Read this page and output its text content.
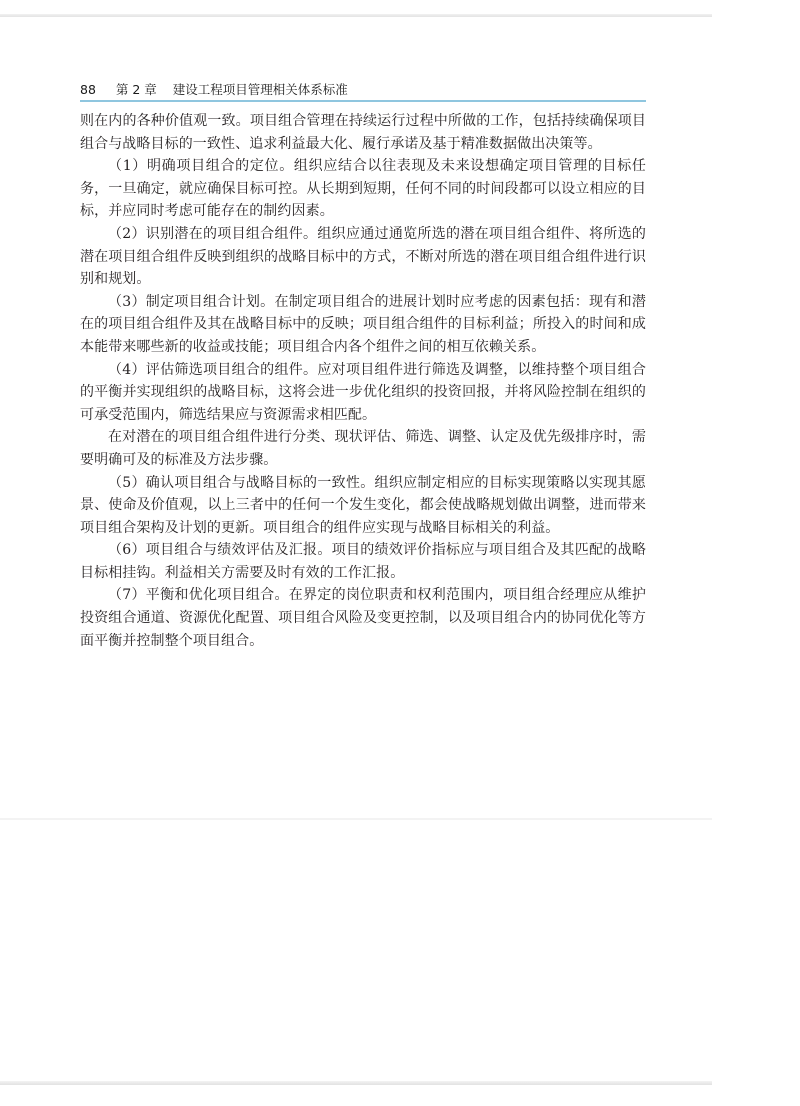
88 第 2 章 建设工程项目管理相关体系标准

则在内的各种价值观一致。项目组合管理在持续运行过程中所做的工作，包括持续确保项目组合与战略目标的一致性、追求利益最大化、履行承诺及基于精准数据做出决策等。

（1）明确项目组合的定位。组织应结合以往表现及未来设想确定项目管理的目标任务，一旦确定，就应确保目标可控。从长期到短期，任何不同的时间段都可以设立相应的目标，并应同时考虑可能存在的制约因素。

（2）识别潜在的项目组合组件。组织应通过通览所选的潜在项目组合组件、将所选的潜在项目组合组件反映到组织的战略目标中的方式，不断对所选的潜在项目组合组件进行识别和规划。

（3）制定项目组合计划。在制定项目组合的进展计划时应考虑的因素包括：现有和潜在的项目组合组件及其在战略目标中的反映；项目组合组件的目标利益；所投入的时间和成本能带来哪些新的收益或技能；项目组合内各个组件之间的相互依赖关系。

（4）评估筛选项目组合的组件。应对项目组件进行筛选及调整，以维持整个项目组合的平衡并实现组织的战略目标，这将会进一步优化组织的投资回报，并将风险控制在组织的可承受范围内，筛选结果应与资源需求相匹配。

在对潜在的项目组合组件进行分类、现状评估、筛选、调整、认定及优先级排序时，需要明确可及的标准及方法步骤。

（5）确认项目组合与战略目标的一致性。组织应制定相应的目标实现策略以实现其愿景、使命及价值观，以上三者中的任何一个发生变化，都会使战略规划做出调整，进而带来项目组合架构及计划的更新。项目组合的组件应实现与战略目标相关的利益。

（6）项目组合与绩效评估及汇报。项目的绩效评价指标应与项目组合及其匹配的战略目标相挂钩。利益相关方需要及时有效的工作汇报。

（7）平衡和优化项目组合。在界定的岗位职责和权利范围内，项目组合经理应从维护投资组合通道、资源优化配置、项目组合风险及变更控制，以及项目组合内的协同优化等方面平衡并控制整个项目组合。
